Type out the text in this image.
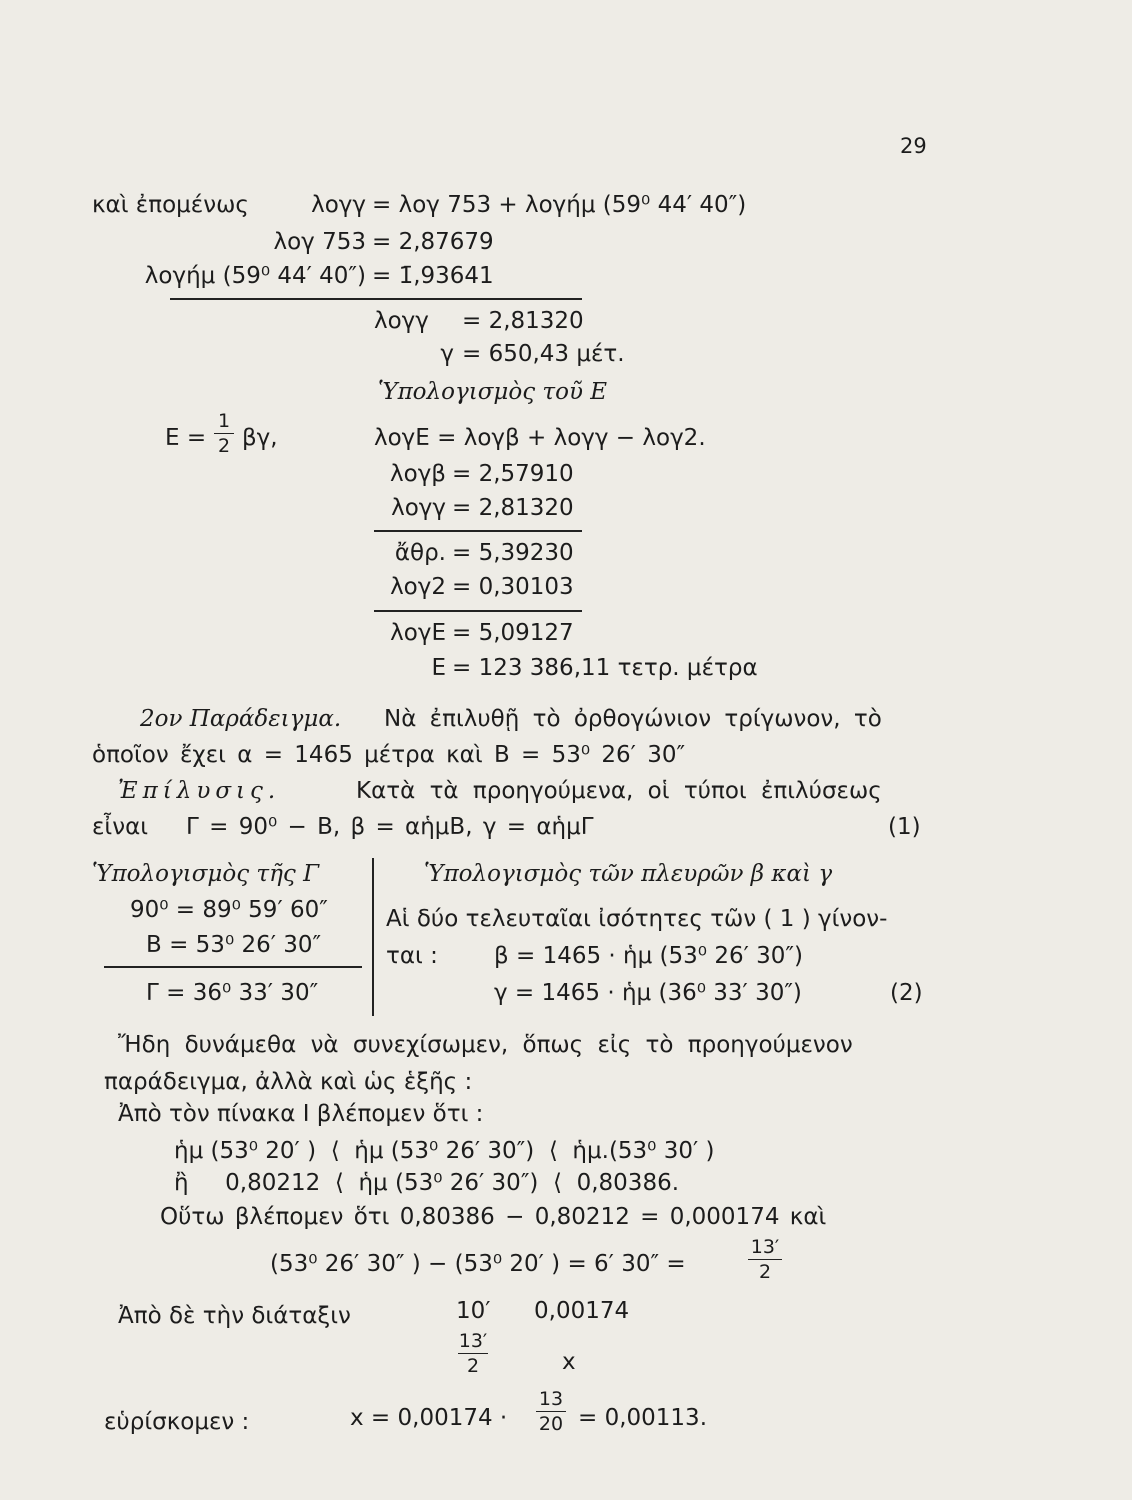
29
καὶ ἐπομένως	λογγ = λογ 753 + λογήμ (59⁰ 44′ 40″)
λογ 753 = 2,87679
λογήμ (59⁰ 44′ 40″) = 1̄,93641
λογγ = 2,81320
γ = 650,43 μέτ.
Ὑπολογισμὸς τοῦ Ε
Ε =
1
2 βγ,	λογΕ = λογβ + λογγ − λογ2.
λογβ = 2,57910
λογγ = 2,81320
ἄθρ. = 5,39230
λογ2 = 0,30103
λογΕ = 5,09127
Ε = 123 386,11 τετρ. μέτρα
2ον Παράδειγμα. Νὰ ἐπιλυθῇ τὸ ὀρθογώνιον τρίγωνον, τὸ
ὁποῖον ἔχει α = 1465 μέτρα καὶ Β = 53⁰ 26′ 30″
Ἐπίλυσις.	Κατὰ τὰ προηγούμενα, οἱ τύποι ἐπιλύσεως
εἶναι Γ = 90⁰ − Β, β = αἡμΒ, γ = αἡμΓ	(1)
Ὑπολογισμὸς τῆς Γ
90⁰ = 89⁰ 59′ 60″
Β = 53⁰ 26′ 30″
Γ = 36⁰ 33′ 30″
Ὑπολογισμὸς τῶν πλευρῶν β καὶ γ
Αἱ δύο τελευταῖαι ἰσότητες τῶν ( 1 ) γίνον-
ται : β = 1465 · ἡμ (53⁰ 26′ 30″)
γ = 1465 · ἡμ (36⁰ 33′ 30″)	(2)
Ἤδη δυνάμεθα νὰ συνεχίσωμεν, ὅπως εἰς τὸ προηγούμενον
παράδειγμα, ἀλλὰ καὶ ὡς ἑξῆς :
Ἀπὸ τὸν πίνακα Ι βλέπομεν ὅτι :
ἡμ (53⁰ 20′ )  ⟨  ἡμ (53⁰ 26′ 30″)  ⟨  ἡμ.(53⁰ 30′ )
ἢ     0,80212  ⟨  ἡμ (53⁰ 26′ 30″)  ⟨  0,80386.
Οὕτω βλέπομεν ὅτι 0,80386 − 0,80212 = 0,000174 καὶ
(53⁰ 26′ 30″ ) − (53⁰ 20′ ) = 6′ 30″ =
13′
2
Ἀπὸ δὲ τὴν διάταξιν	10′ 0,00174
13′
2	x
εὑρίσκομεν :	x = 0,00174 ·
13
20 = 0,00113.
